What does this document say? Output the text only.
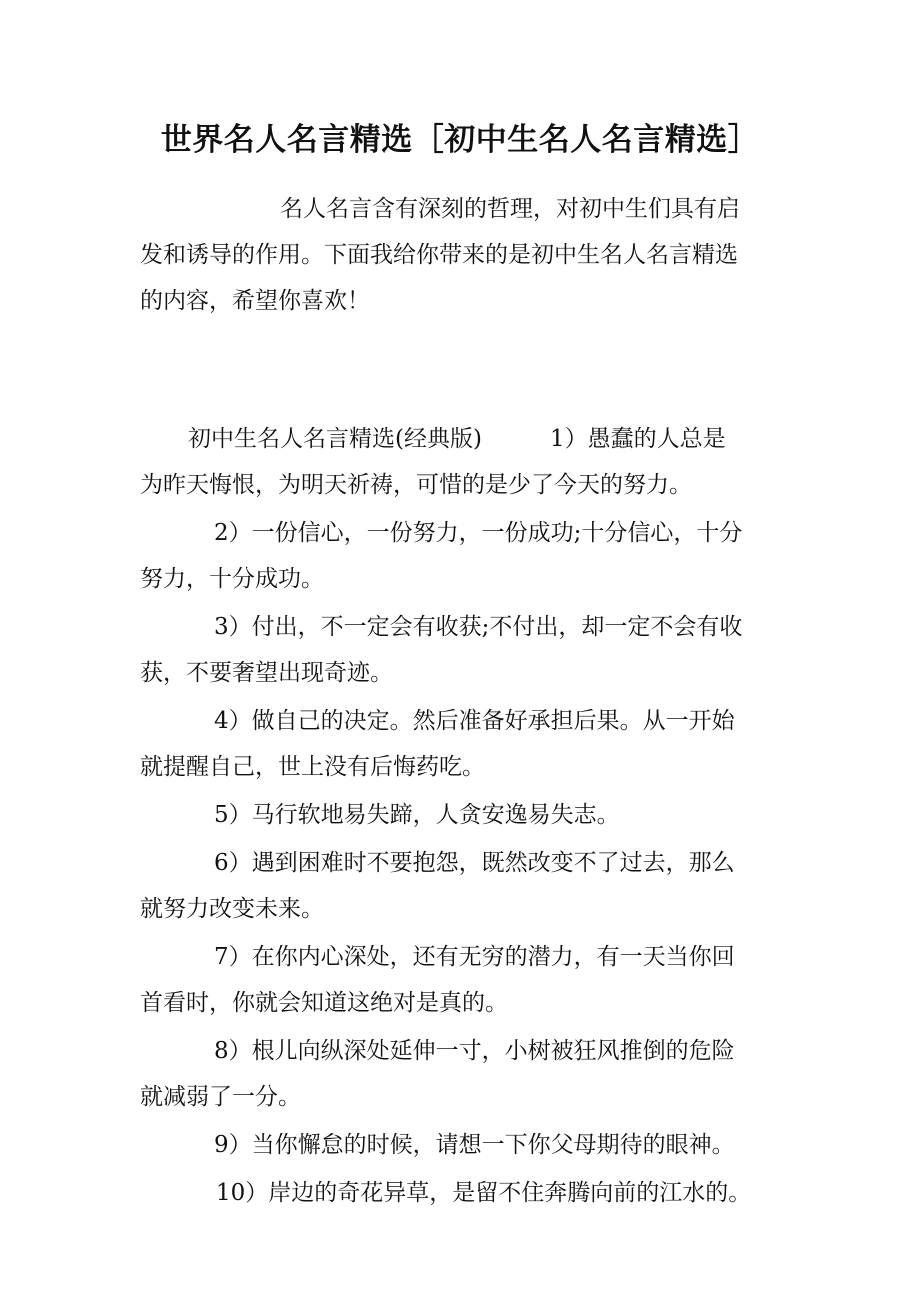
世界名人名言精选［初中生名人名言精选］

名人名言含有深刻的哲理，对初中生们具有启
发和诱导的作用。下面我给你带来的是初中生名人名言精选
的内容，希望你喜欢！

初中生名人名言精选(经典版)	1）愚蠢的人总是
为昨天悔恨，为明天祈祷，可惜的是少了今天的努力。

2）一份信心，一份努力，一份成功;十分信心，十分
努力，十分成功。

3）付出，不一定会有收获;不付出，却一定不会有收
获，不要奢望出现奇迹。

4）做自己的决定。然后准备好承担后果。从一开始
就提醒自己，世上没有后悔药吃。

5）马行软地易失蹄，人贪安逸易失志。

6）遇到困难时不要抱怨，既然改变不了过去，那么
就努力改变未来。

7）在你内心深处，还有无穷的潜力，有一天当你回
首看时，你就会知道这绝对是真的。

8）根儿向纵深处延伸一寸，小树被狂风推倒的危险
就减弱了一分。

9）当你懈怠的时候，请想一下你父母期待的眼神。

10）岸边的奇花异草，是留不住奔腾向前的江水的。
